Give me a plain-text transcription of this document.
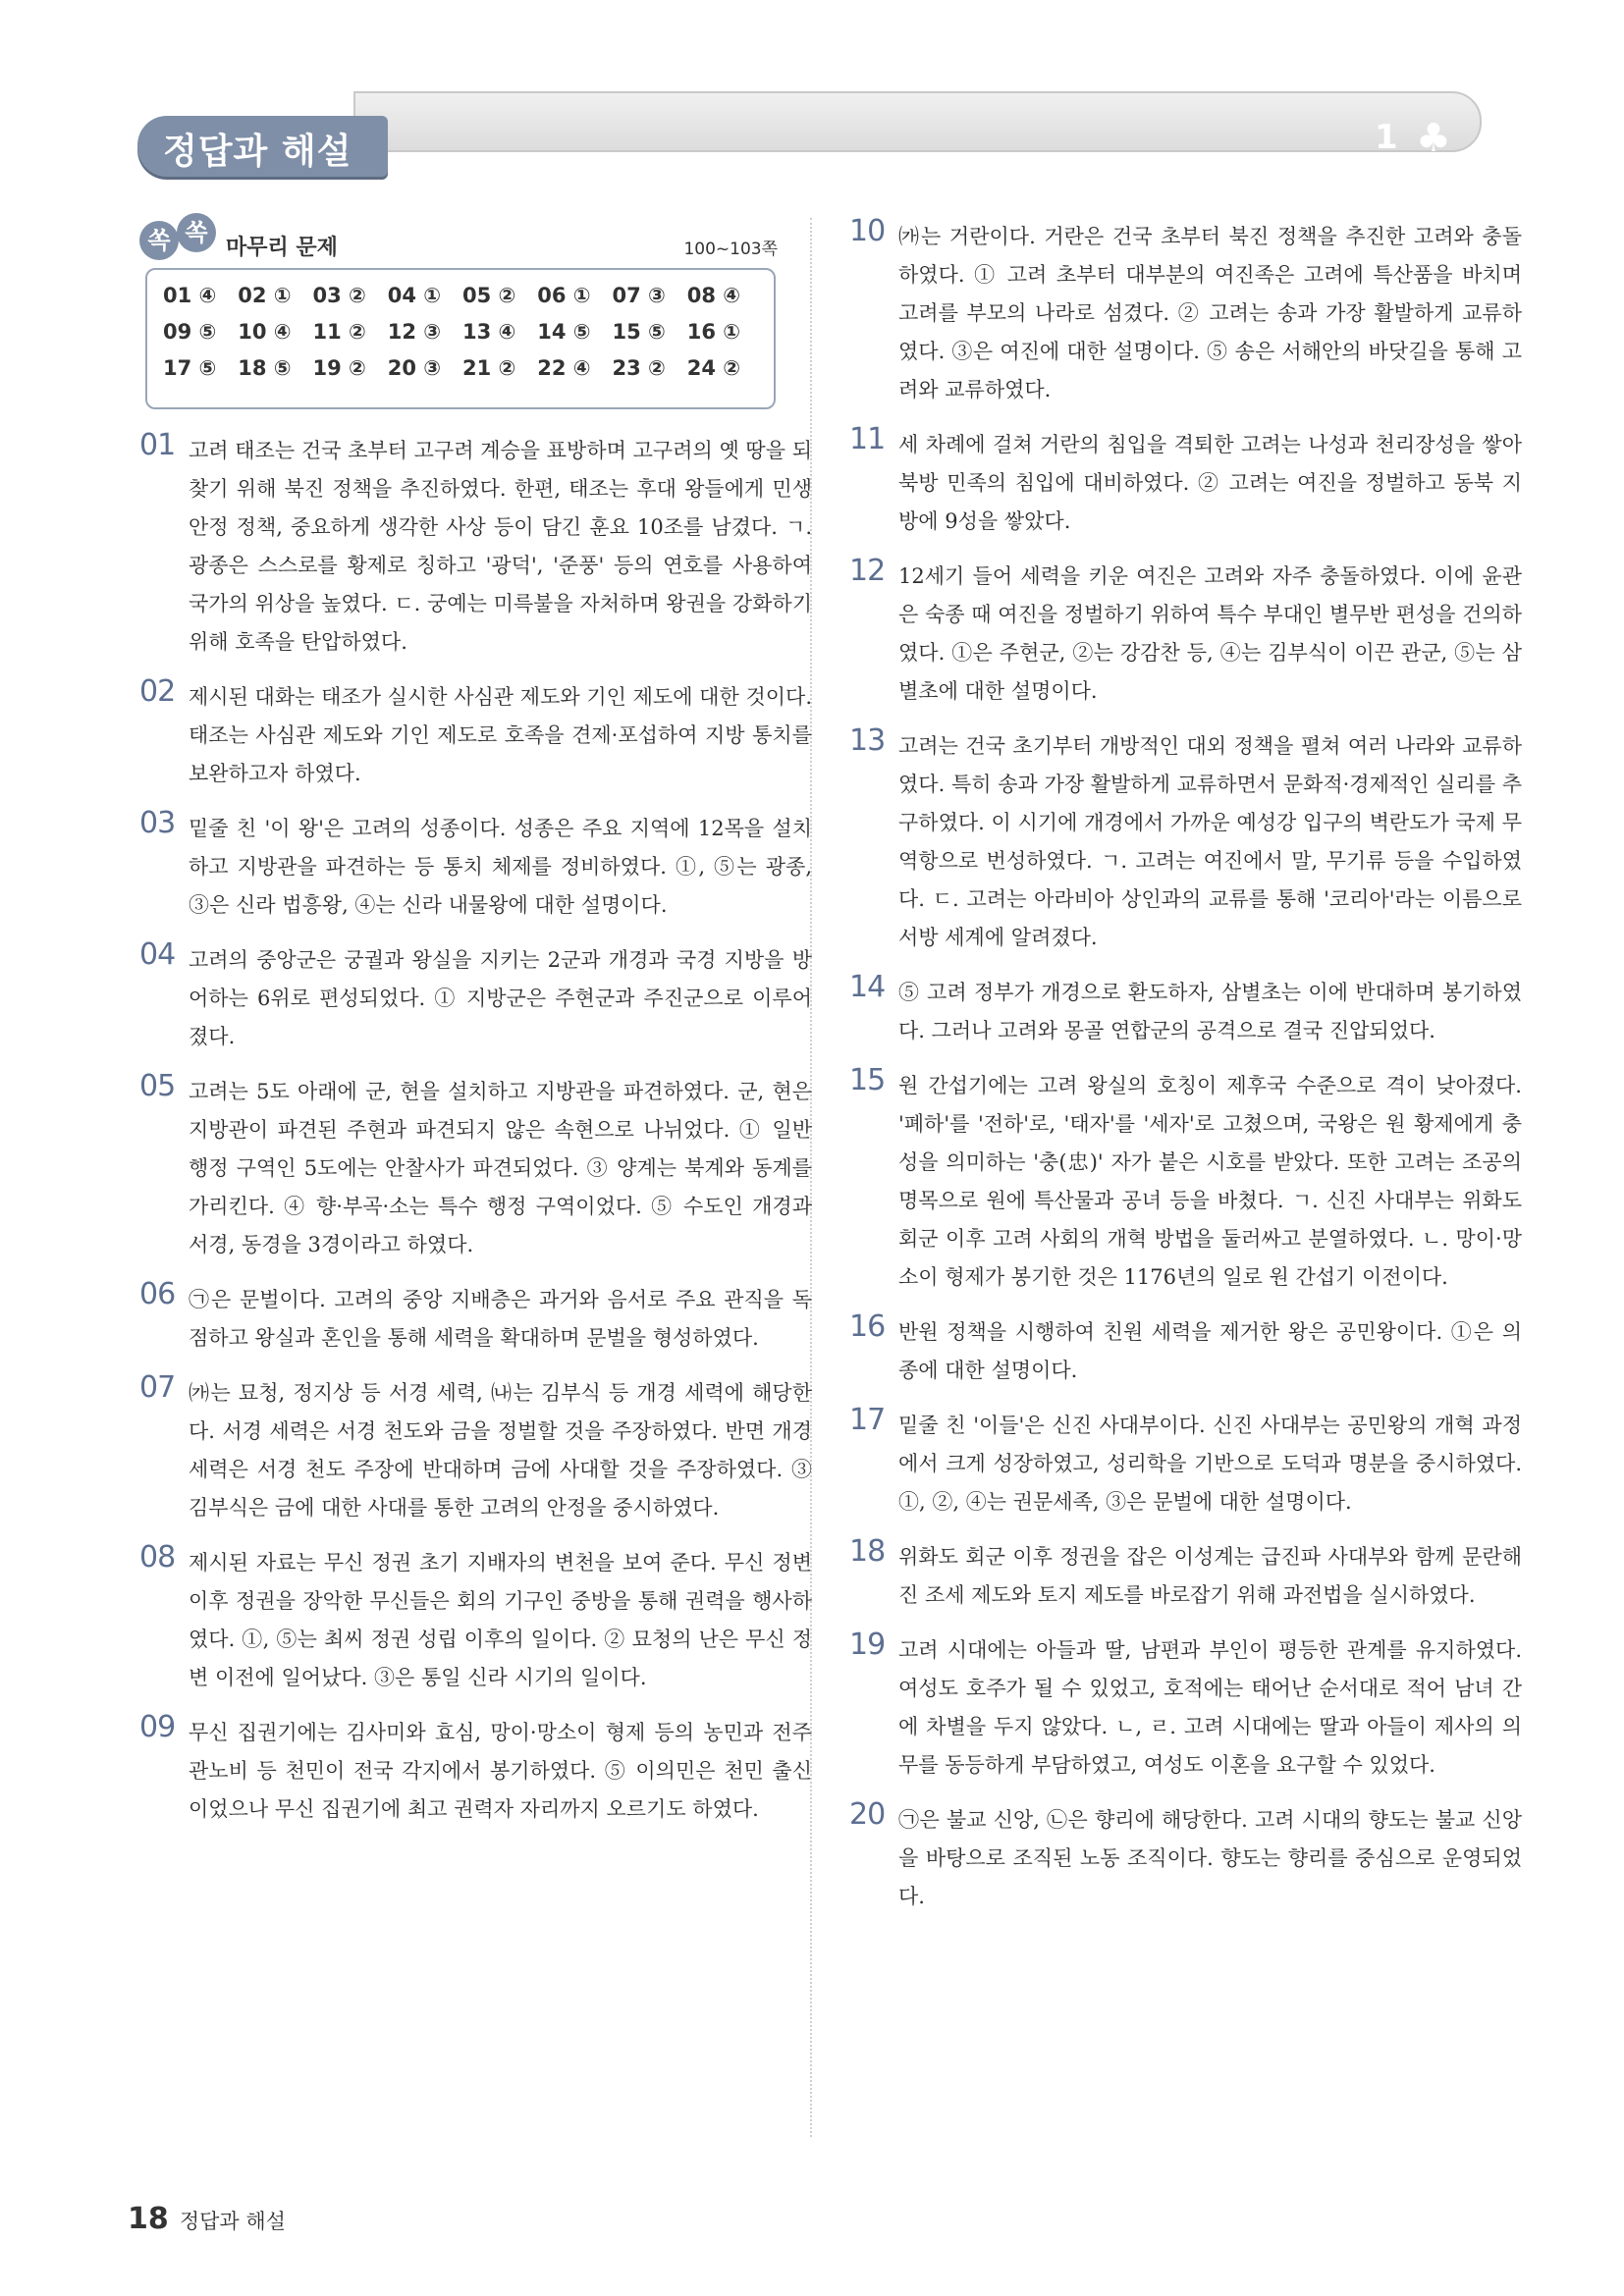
정답과 해설	1 ♣
쏙 쏙
마무리 문제	100~103쪽
01 ④	02 ①	03 ②	04 ①	05 ②	06 ①	07 ③	08 ④
09 ⑤	10 ④	11 ②	12 ③	13 ④	14 ⑤	15 ⑤	16 ①
17 ⑤	18 ⑤	19 ②	20 ③	21 ②	22 ④	23 ②	24 ②
01 고려 태조는 건국 초부터 고구려 계승을 표방하며 고구려의 옛 땅을 되찾기 위해 북진 정책을 추진하였다. 한편, 태조는 후대 왕들에게 민생 안정 정책, 중요하게 생각한 사상 등이 담긴 훈요 10조를 남겼다. ㄱ. 광종은 스스로를 황제로 칭하고 '광덕', '준풍' 등의 연호를 사용하여 국가의 위상을 높였다. ㄷ. 궁예는 미륵불을 자처하며 왕권을 강화하기 위해 호족을 탄압하였다.
02 제시된 대화는 태조가 실시한 사심관 제도와 기인 제도에 대한 것이다. 태조는 사심관 제도와 기인 제도로 호족을 견제·포섭하여 지방 통치를 보완하고자 하였다.
03 밑줄 친 '이 왕'은 고려의 성종이다. 성종은 주요 지역에 12목을 설치하고 지방관을 파견하는 등 통치 체제를 정비하였다. ①, ⑤는 광종, ③은 신라 법흥왕, ④는 신라 내물왕에 대한 설명이다.
04 고려의 중앙군은 궁궐과 왕실을 지키는 2군과 개경과 국경 지방을 방어하는 6위로 편성되었다. ① 지방군은 주현군과 주진군으로 이루어졌다.
05 고려는 5도 아래에 군, 현을 설치하고 지방관을 파견하였다. 군, 현은 지방관이 파견된 주현과 파견되지 않은 속현으로 나뉘었다. ① 일반 행정 구역인 5도에는 안찰사가 파견되었다. ③ 양계는 북계와 동계를 가리킨다. ④ 향·부곡·소는 특수 행정 구역이었다. ⑤ 수도인 개경과 서경, 동경을 3경이라고 하였다.
06 ㉠은 문벌이다. 고려의 중앙 지배층은 과거와 음서로 주요 관직을 독점하고 왕실과 혼인을 통해 세력을 확대하며 문벌을 형성하였다.
07 ㈎는 묘청, 정지상 등 서경 세력, ㈏는 김부식 등 개경 세력에 해당한다. 서경 세력은 서경 천도와 금을 정벌할 것을 주장하였다. 반면 개경 세력은 서경 천도 주장에 반대하며 금에 사대할 것을 주장하였다. ③ 김부식은 금에 대한 사대를 통한 고려의 안정을 중시하였다.
08 제시된 자료는 무신 정권 초기 지배자의 변천을 보여 준다. 무신 정변 이후 정권을 장악한 무신들은 회의 기구인 중방을 통해 권력을 행사하였다. ①, ⑤는 최씨 정권 성립 이후의 일이다. ② 묘청의 난은 무신 정변 이전에 일어났다. ③은 통일 신라 시기의 일이다.
09 무신 집권기에는 김사미와 효심, 망이·망소이 형제 등의 농민과 전주 관노비 등 천민이 전국 각지에서 봉기하였다. ⑤ 이의민은 천민 출신이었으나 무신 집권기에 최고 권력자 자리까지 오르기도 하였다.
10 ㈎는 거란이다. 거란은 건국 초부터 북진 정책을 추진한 고려와 충돌하였다. ① 고려 초부터 대부분의 여진족은 고려에 특산품을 바치며 고려를 부모의 나라로 섬겼다. ② 고려는 송과 가장 활발하게 교류하였다. ③은 여진에 대한 설명이다. ⑤ 송은 서해안의 바닷길을 통해 고려와 교류하였다.
11 세 차례에 걸쳐 거란의 침입을 격퇴한 고려는 나성과 천리장성을 쌓아 북방 민족의 침입에 대비하였다. ② 고려는 여진을 정벌하고 동북 지방에 9성을 쌓았다.
12 12세기 들어 세력을 키운 여진은 고려와 자주 충돌하였다. 이에 윤관은 숙종 때 여진을 정벌하기 위하여 특수 부대인 별무반 편성을 건의하였다. ①은 주현군, ②는 강감찬 등, ④는 김부식이 이끈 관군, ⑤는 삼별초에 대한 설명이다.
13 고려는 건국 초기부터 개방적인 대외 정책을 펼쳐 여러 나라와 교류하였다. 특히 송과 가장 활발하게 교류하면서 문화적·경제적인 실리를 추구하였다. 이 시기에 개경에서 가까운 예성강 입구의 벽란도가 국제 무역항으로 번성하였다. ㄱ. 고려는 여진에서 말, 무기류 등을 수입하였다. ㄷ. 고려는 아라비아 상인과의 교류를 통해 '코리아'라는 이름으로 서방 세계에 알려졌다.
14 ⑤ 고려 정부가 개경으로 환도하자, 삼별초는 이에 반대하며 봉기하였다. 그러나 고려와 몽골 연합군의 공격으로 결국 진압되었다.
15 원 간섭기에는 고려 왕실의 호칭이 제후국 수준으로 격이 낮아졌다. '폐하'를 '전하'로, '태자'를 '세자'로 고쳤으며, 국왕은 원 황제에게 충성을 의미하는 '충(忠)' 자가 붙은 시호를 받았다. 또한 고려는 조공의 명목으로 원에 특산물과 공녀 등을 바쳤다. ㄱ. 신진 사대부는 위화도 회군 이후 고려 사회의 개혁 방법을 둘러싸고 분열하였다. ㄴ. 망이·망소이 형제가 봉기한 것은 1176년의 일로 원 간섭기 이전이다.
16 반원 정책을 시행하여 친원 세력을 제거한 왕은 공민왕이다. ①은 의종에 대한 설명이다.
17 밑줄 친 '이들'은 신진 사대부이다. 신진 사대부는 공민왕의 개혁 과정에서 크게 성장하였고, 성리학을 기반으로 도덕과 명분을 중시하였다. ①, ②, ④는 권문세족, ③은 문벌에 대한 설명이다.
18 위화도 회군 이후 정권을 잡은 이성계는 급진파 사대부와 함께 문란해진 조세 제도와 토지 제도를 바로잡기 위해 과전법을 실시하였다.
19 고려 시대에는 아들과 딸, 남편과 부인이 평등한 관계를 유지하였다. 여성도 호주가 될 수 있었고, 호적에는 태어난 순서대로 적어 남녀 간에 차별을 두지 않았다. ㄴ, ㄹ. 고려 시대에는 딸과 아들이 제사의 의무를 동등하게 부담하였고, 여성도 이혼을 요구할 수 있었다.
20 ㉠은 불교 신앙, ㉡은 향리에 해당한다. 고려 시대의 향도는 불교 신앙을 바탕으로 조직된 노동 조직이다. 향도는 향리를 중심으로 운영되었다.
18 정답과 해설
